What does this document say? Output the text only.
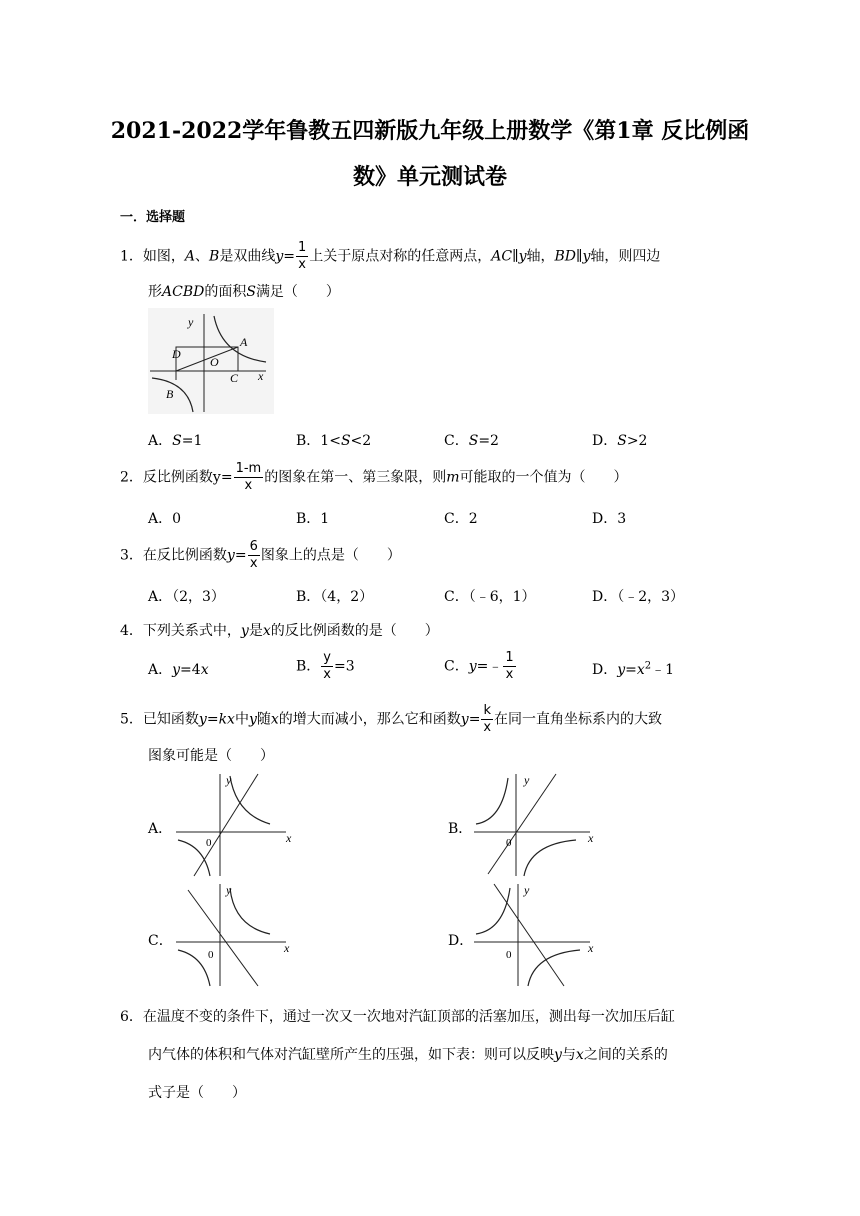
2021-2022学年鲁教五四新版九年级上册数学《第1章 反比例函
数》单元测试卷
一．选择题
1．如图，A、B是双曲线$y= \frac{1}{x}$ 上关于原点对称的任意两点，AC∥y轴，BD∥y轴，则四边
形ACBD的面积S满足（　　）
y
x
A
B
C
D
O
A．S=1	B．1<S<2	C．S=2	D．S>2
2．反比例函数$y= \frac{1-m}{x}$ 的图象在第一、第三象限，则m可能取的一个值为（　　）
A．0	B．1	C．2	D．3
3．在反比例函数$y= \frac{6}{x}$ 图象上的点是（　　）
A．（2，3）	B．（4，2）	C．（﹣6，1）	D．（﹣2，3）
4．下列关系式中，y是x的反比例函数的是（　　）
A．y=4x	B． $\frac{y}{x} =3$	C．y=﹣ $\frac{1}{x}$	D．$y=x^2﹣1$
5．已知函数y=kx中y随x的增大而减小，那么它和函数$y= \frac{k}{x}$ 在同一直角坐标系内的大致
图象可能是（　　）
A．	B．
C．	D．
y
x
0
y
x
0
y
x
0
y
x
0
6．在温度不变的条件下，通过一次又一次地对汽缸顶部的活塞加压，测出每一次加压后缸
内气体的体积和气体对汽缸壁所产生的压强，如下表：则可以反映y与x之间的关系的
式子是（　　）
